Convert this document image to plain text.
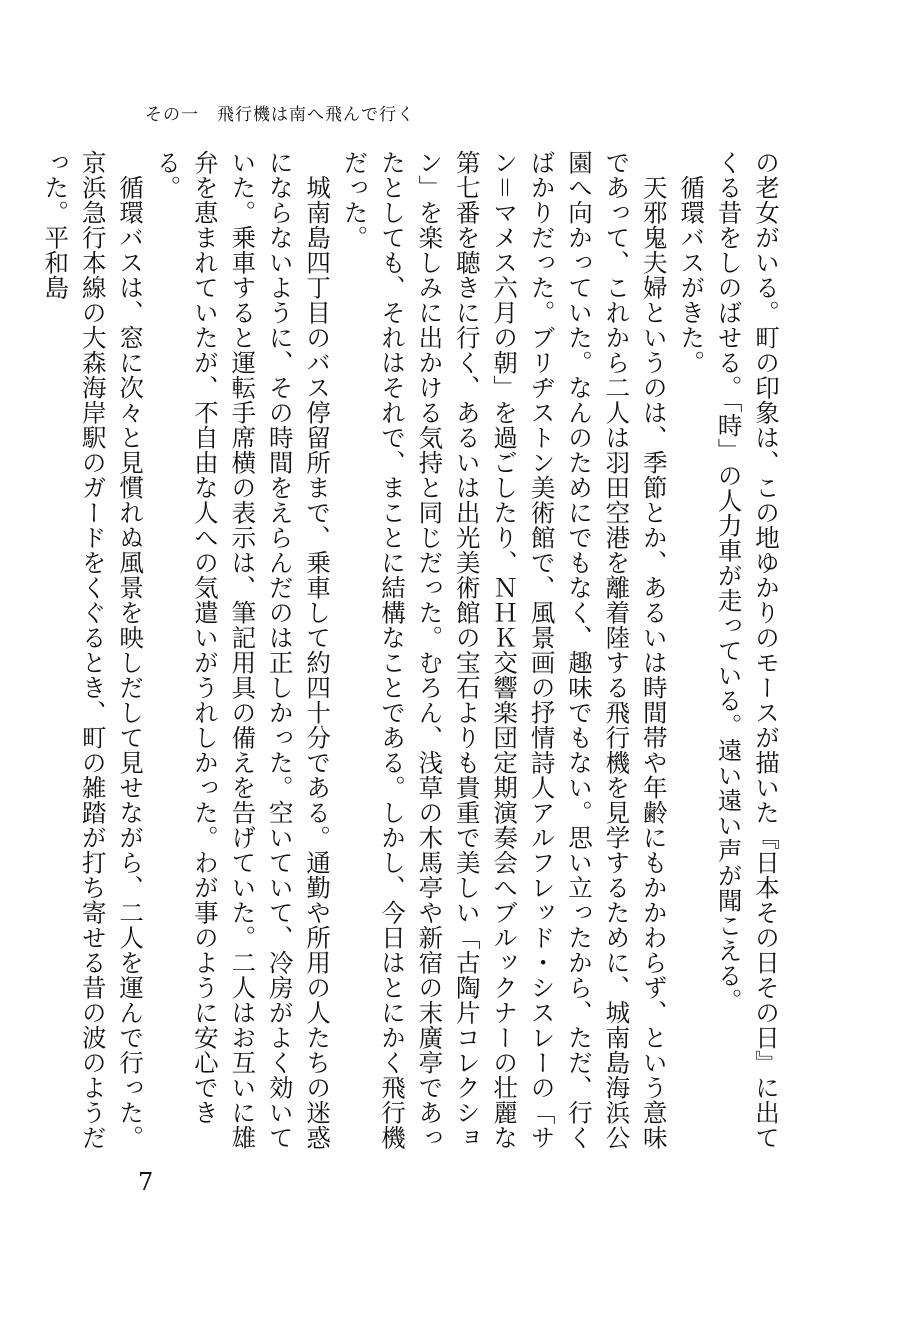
その一　飛行機は南へ飛んで行く

の老女がいる。町の印象は、この地ゆかりのモースが描いた『日本その日その日』に出てくる昔をしのばせる。「時」の人力車が走っている。遠い遠い声が聞こえる。

循環バスがきた。

天邪鬼夫婦というのは、季節とか、あるいは時間帯や年齢にもかかわらず、という意味であって、これから二人は羽田空港を離着陸する飛行機を見学するために、城南島海浜公園へ向かっていた。なんのためにでもなく、趣味でもない。思い立ったから、ただ、行くばかりだった。ブリヂストン美術館で、風景画の抒情詩人アルフレッド・シスレーの「サン＝マメス六月の朝」を過ごしたり、ＮＨＫ交響楽団定期演奏会へブルックナーの壮麗な第七番を聴きに行く、あるいは出光美術館の宝石よりも貴重で美しい「古陶片コレクション」を楽しみに出かける気持と同じだった。むろん、浅草の木馬亭や新宿の末廣亭であったとしても、それはそれで、まことに結構なことである。しかし、今日はとにかく飛行機だった。

城南島四丁目のバス停留所まで、乗車して約四十分である。通勤や所用の人たちの迷惑にならないように、その時間をえらんだのは正しかった。空いていて、冷房がよく効いていた。乗車すると運転手席横の表示は、筆記用具の備えを告げていた。二人はお互いに雄弁を恵まれていたが、不自由な人への気遣いがうれしかった。わが事のように安心できる。

循環バスは、窓に次々と見慣れぬ風景を映しだして見せながら、二人を運んで行った。京浜急行本線の大森海岸駅のガードをくぐるとき、町の雑踏が打ち寄せる昔の波のようだった。平和島

7
